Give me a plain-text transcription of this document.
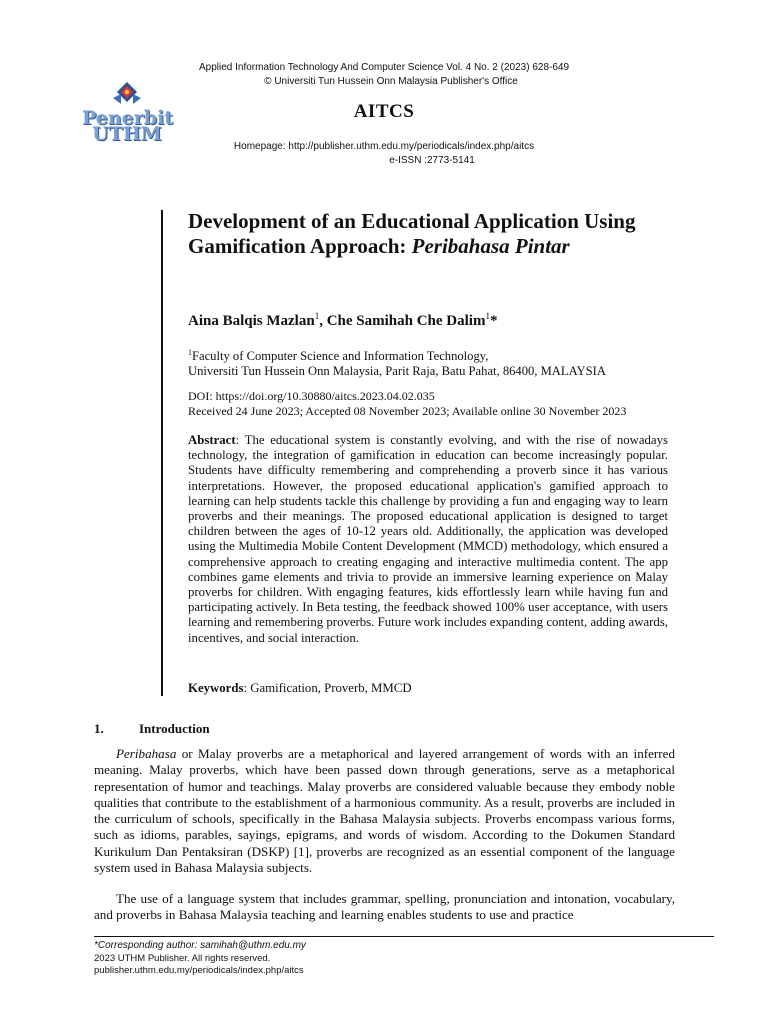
Applied Information Technology And Computer Science Vol. 4 No. 2 (2023) 628-649
© Universiti Tun Hussein Onn Malaysia Publisher's Office
Penerbit
UTHM
AITCS
Homepage: http://publisher.uthm.edu.my/periodicals/index.php/aitcs
e-ISSN :2773-5141
Development of an Educational Application Using Gamification Approach: Peribahasa Pintar
Aina Balqis Mazlan$^1$, Che Samihah Che Dalim$^1$*
$^1$Faculty of Computer Science and Information Technology,
Universiti Tun Hussein Onn Malaysia, Parit Raja, Batu Pahat, 86400, MALAYSIA
DOI: https://doi.org/10.30880/aitcs.2023.04.02.035
Received 24 June 2023; Accepted 08 November 2023; Available online 30 November 2023
Abstract: The educational system is constantly evolving, and with the rise of nowadays technology, the integration of gamification in education can become increasingly popular. Students have difficulty remembering and comprehending a proverb since it has various interpretations. However, the proposed educational application's gamified approach to learning can help students tackle this challenge by providing a fun and engaging way to learn proverbs and their meanings. The proposed educational application is designed to target children between the ages of 10-12 years old. Additionally, the application was developed using the Multimedia Mobile Content Development (MMCD) methodology, which ensured a comprehensive approach to creating engaging and interactive multimedia content. The app combines game elements and trivia to provide an immersive learning experience on Malay proverbs for children. With engaging features, kids effortlessly learn while having fun and participating actively. In Beta testing, the feedback showed 100% user acceptance, with users learning and remembering proverbs. Future work includes expanding content, adding awards, incentives, and social interaction.
Keywords: Gamification, Proverb, MMCD
1.	Introduction
Peribahasa or Malay proverbs are a metaphorical and layered arrangement of words with an inferred meaning. Malay proverbs, which have been passed down through generations, serve as a metaphorical representation of humor and teachings. Malay proverbs are considered valuable because they embody noble qualities that contribute to the establishment of a harmonious community. As a result, proverbs are included in the curriculum of schools, specifically in the Bahasa Malaysia subjects. Proverbs encompass various forms, such as idioms, parables, sayings, epigrams, and words of wisdom. According to the Dokumen Standard Kurikulum Dan Pentaksiran (DSKP) [1], proverbs are recognized as an essential component of the language system used in Bahasa Malaysia subjects.
The use of a language system that includes grammar, spelling, pronunciation and intonation, vocabulary, and proverbs in Bahasa Malaysia teaching and learning enables students to use and practice
*Corresponding author: samihah@uthm.edu.my
2023 UTHM Publisher. All rights reserved.
publisher.uthm.edu.my/periodicals/index.php/aitcs
